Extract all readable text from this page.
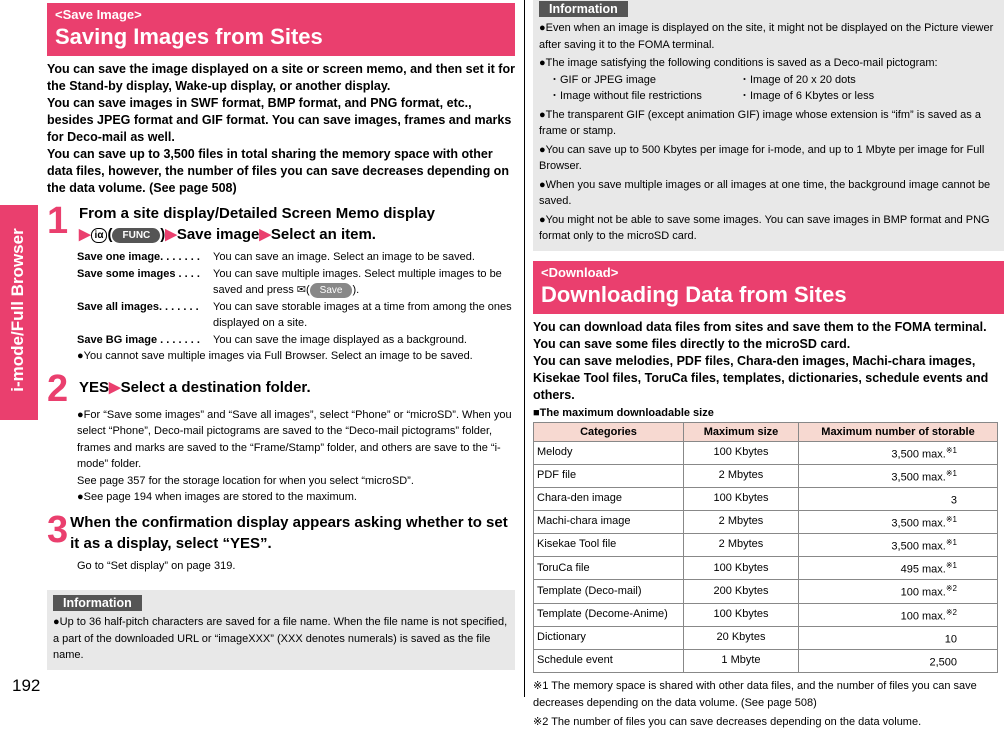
i-mode/Full Browser
192
<Save Image>
Saving Images from Sites
You can save the image displayed on a site or screen memo, and then set it for the Stand-by display, Wake-up display, or another display.
You can save images in SWF format, BMP format, and PNG format, etc., besides JPEG format and GIF format. You can save images, frames and marks for Deco-mail as well.
You can save up to 3,500 files in total sharing the memory space with other data files, however, the number of files you can save decreases depending on the data volume. (See page 508)
1 From a site display/Detailed Screen Memo display
▶ iα ( FUNC )▶Save image▶Select an item.
Save one image. . . . . . .	You can save an image. Select an image to be saved.
Save some images . . . .	You can save multiple images. Select multiple images to be saved and press ✉( Save ).
Save all images. . . . . . .	You can save storable images at a time from among the ones displayed on a site.
Save BG image . . . . . . .	You can save the image displayed as a background.
●You cannot save multiple images via Full Browser. Select an image to be saved.
2 YES▶Select a destination folder.
●For “Save some images” and “Save all images”, select “Phone” or “microSD”. When you select “Phone”, Deco-mail pictograms are saved to the “Deco-mail pictograms” folder, frames and marks are saved to the “Frame/Stamp” folder, and others are save to the “i-mode” folder.
See page 357 for the storage location for when you select “microSD”.
●See page 194 when images are stored to the maximum.
3 When the confirmation display appears asking whether to set it as a display, select “YES”.
Go to “Set display” on page 319.
Information
●Up to 36 half-pitch characters are saved for a file name. When the file name is not specified, a part of the downloaded URL or “imageXXX” (XXX denotes numerals) is saved as the file name.
Information
●Even when an image is displayed on the site, it might not be displayed on the Picture viewer after saving it to the FOMA terminal.
●The image satisfying the following conditions is saved as a Deco-mail pictogram:
・GIF or JPEG image	・Image of 20 x 20 dots
・Image without file restrictions	・Image of 6 Kbytes or less
●The transparent GIF (except animation GIF) image whose extension is “ifm” is saved as a frame or stamp.
●You can save up to 500 Kbytes per image for i-mode, and up to 1 Mbyte per image for Full Browser.
●When you save multiple images or all images at one time, the background image cannot be saved.
●You might not be able to save some images. You can save images in BMP format and PNG format only to the microSD card.
<Download>
Downloading Data from Sites
You can download data files from sites and save them to the FOMA terminal. You can save some files directly to the microSD card.
You can save melodies, PDF files, Chara-den images, Machi-chara images, Kisekae Tool files, ToruCa files, templates, dictionaries, schedule events and others.
■The maximum downloadable size
Categories	Maximum size	Maximum number of storable
Melody	100 Kbytes	3,500 max.$^{※1}$
PDF file	2 Mbytes	3,500 max.$^{※1}$
Chara-den image	100 Kbytes	3
Machi-chara image	2 Mbytes	3,500 max.$^{※1}$
Kisekae Tool file	2 Mbytes	3,500 max.$^{※1}$
ToruCa file	100 Kbytes	495 max.$^{※1}$
Template (Deco-mail)	200 Kbytes	100 max.$^{※2}$
Template (Decome-Anime)	100 Kbytes	100 max.$^{※2}$
Dictionary	20 Kbytes	10
Schedule event	1 Mbyte	2,500
※1 The memory space is shared with other data files, and the number of files you can save decreases depending on the data volume. (See page 508)
※2 The number of files you can save decreases depending on the data volume.
